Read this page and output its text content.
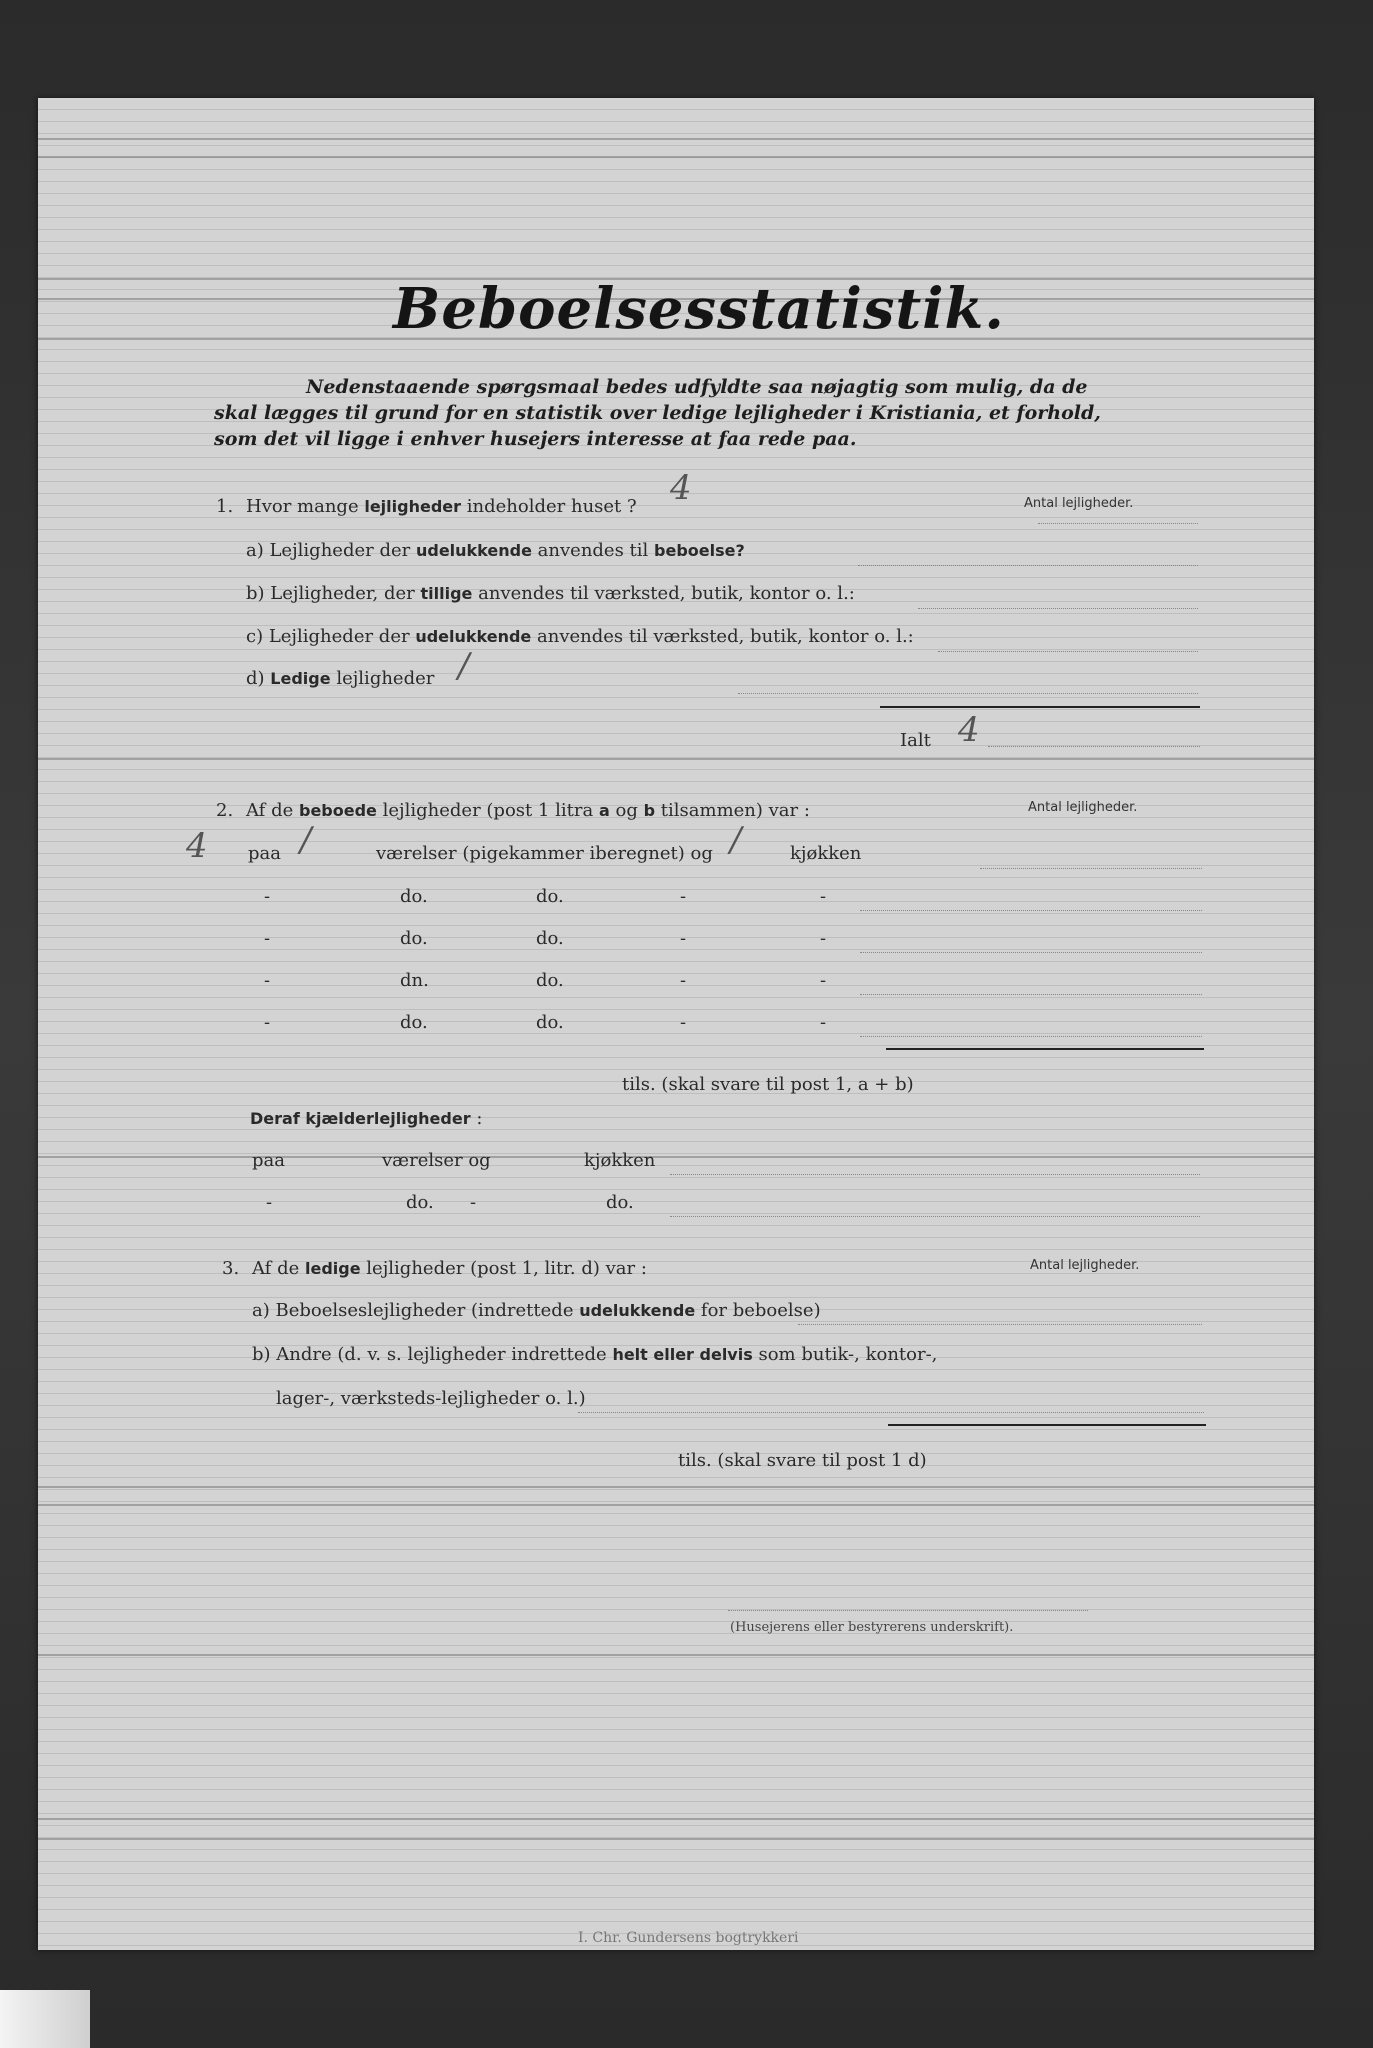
Beboelsesstatistik.
Nedenstaaende spørgsmaal bedes udfyldte saa nøjagtig som mulig, da de
skal lægges til grund for en statistik over ledige lejligheder i Kristiania, et forhold,
som det vil ligge i enhver husejers interesse at faa rede paa.
1. Hvor mange lejligheder indeholder huset ? 4	Antal lejligheder.
a) Lejligheder der udelukkende anvendes til beboelse?
b) Lejligheder, der tillige anvendes til værksted, butik, kontor o. l.:
c) Lejligheder der udelukkende anvendes til værksted, butik, kontor o. l.:
d) Ledige lejligheder /
Ialt 4
2. Af de beboede lejligheder (post 1 litra a og b tilsammen) var :	Antal lejligheder.
4 paa /	værelser (pigekammer iberegnet) og /	kjøkken
-	do.	do.	-	-
-	do.	do.	-	-
-	dn.	do.	-	-
-	do.	do.	-	-
tils. (skal svare til post 1, a + b)
Deraf kjælderlejligheder :
paa	værelser og	kjøkken
-	do. -	do.
3. Af de ledige lejligheder (post 1, litr. d) var :	Antal lejligheder.
a) Beboelseslejligheder (indrettede udelukkende for beboelse)
b) Andre (d. v. s. lejligheder indrettede helt eller delvis som butik-, kontor-,
lager-, værksteds-lejligheder o. l.)
tils. (skal svare til post 1 d)
(Husejerens eller bestyrerens underskrift).
I. Chr. Gundersens bogtrykkeri
